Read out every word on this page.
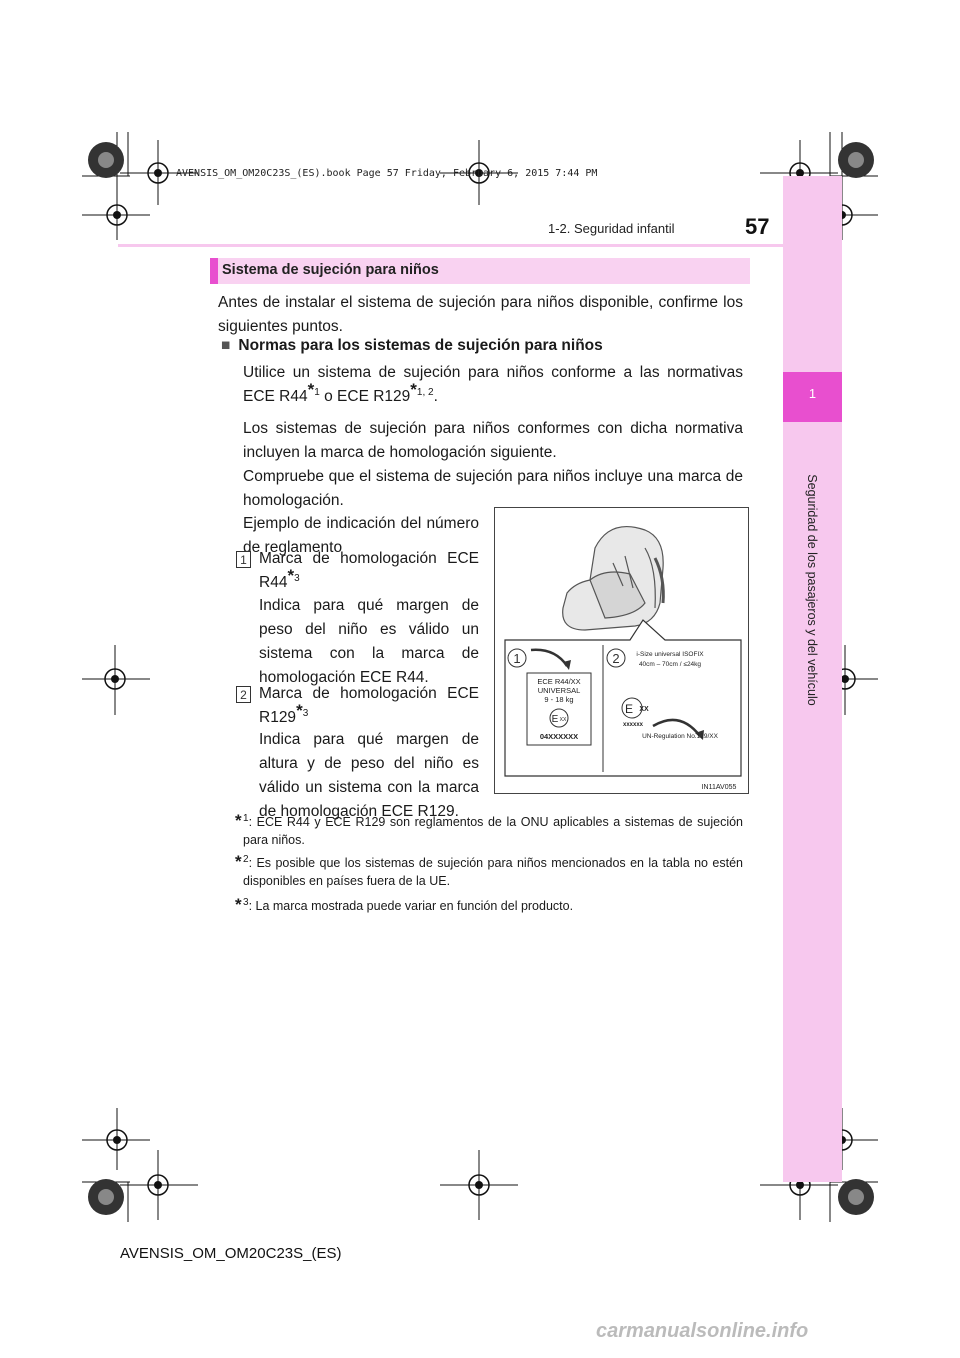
AVENSIS_OM_OM20C23S_(ES).book Page 57 Friday, February 6, 2015 7:44 PM
1
Seguridad de los pasajeros y del vehículo
1-2. Seguridad infantil	57
Sistema de sujeción para niños
Antes de instalar el sistema de sujeción para niños disponible, confirme los siguientes puntos.
■ Normas para los sistemas de sujeción para niños
Utilice un sistema de sujeción para niños conforme a las normativas ECE R44*$^1$ o ECE R129*$^{1, 2}$.
Los sistemas de sujeción para niños conformes con dicha normativa incluyen la marca de homologación siguiente.
Compruebe que el sistema de sujeción para niños incluye una marca de homologación.
Ejemplo de indicación del número de reglamento
1 Marca de homologación ECE R44*$^3$
Indica para qué margen de peso del niño es válido un sistema con la marca de homologación ECE R44.
2 Marca de homologación ECE R129*$^3$
Indica para qué margen de altura y de peso del niño es válido un sistema con la marca de homologación ECE R129.
1	2
ECE R44/XX
UNIVERSAL
9 - 18 kg
E XX
04XXXXXX
i-Size universal ISOFIX
40cm – 70cm / ≤24kg
E XX
xxxxxx
UN-Regulation No.129/XX
IN11AV055
* $^1$: ECE R44 y ECE R129 son reglamentos de la ONU aplicables a sistemas de sujeción para niños.
* $^2$: Es posible que los sistemas de sujeción para niños mencionados en la tabla no estén disponibles en países fuera de la UE.
* $^3$: La marca mostrada puede variar en función del producto.
AVENSIS_OM_OM20C23S_(ES)
carmanualsonline.info
